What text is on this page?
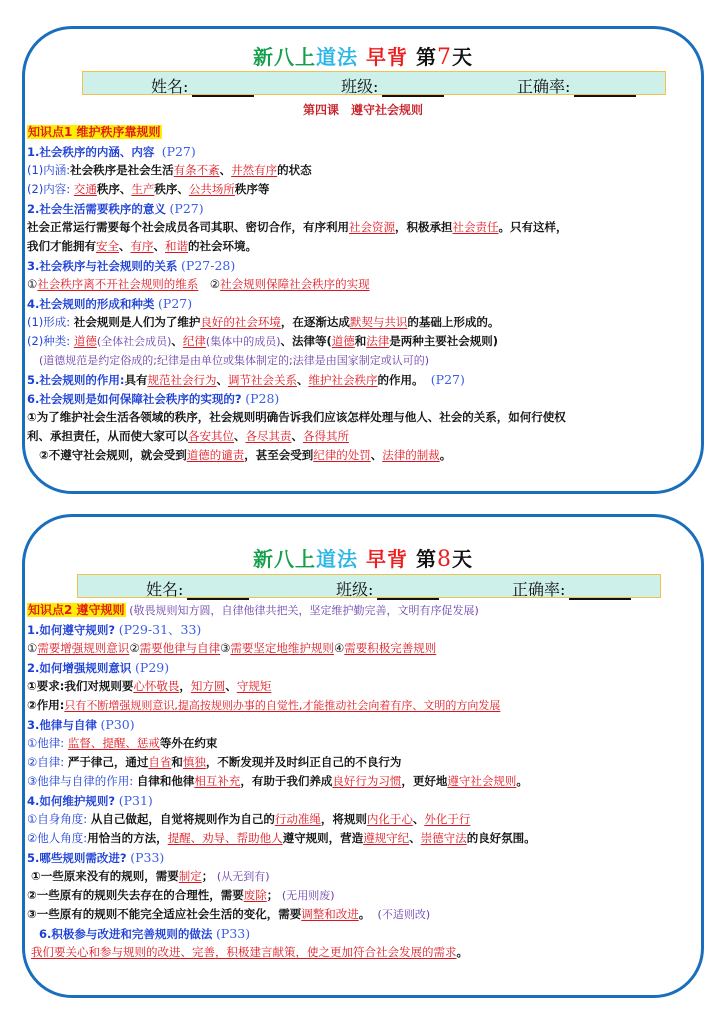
新八上道法 早背 第7天
姓名:	班级:	正确率:
第四课　遵守社会规则
知识点1 维护秩序靠规则
1.社会秩序的内涵、内容 (P27)
(1)内涵:社会秩序是社会生活有条不紊、井然有序的状态
(2)内容: 交通秩序、生产秩序、公共场所秩序等
2.社会生活需要秩序的意义 (P27)
社会正常运行需要每个社会成员各司其职、密切合作，有序利用社会资源，积极承担社会责任。只有这样，
我们才能拥有安全、有序、和谐的社会环境。
3.社会秩序与社会规则的关系 (P27-28)
①社会秩序离不开社会规则的维系　②社会规则保障社会秩序的实现
4.社会规则的形成和种类 (P27)
(1)形成: 社会规则是人们为了维护良好的社会环境，在逐渐达成默契与共识的基础上形成的。
(2)种类: 道德(全体社会成员)、纪律(集体中的成员)、法律等(道德和法律是两种主要社会规则)
(道德规范是约定俗成的;纪律是由单位或集体制定的;法律是由国家制定或认可的)
5.社会规则的作用:具有规范社会行为、调节社会关系、维护社会秩序的作用。 (P27)
6.社会规则是如何保障社会秩序的实现的? (P28)
①为了维护社会生活各领域的秩序，社会规则明确告诉我们应该怎样处理与他人、社会的关系，如何行使权
利、承担责任，从而使大家可以各安其位、各尽其责、各得其所
②不遵守社会规则，就会受到道德的谴责，甚至会受到纪律的处罚、法律的制裁。
新八上道法 早背 第8天
姓名:	班级:	正确率:
知识点2 遵守规则 (敬畏规则知方圆，自律他律共把关，坚定维护勤完善，文明有序促发展)
1.如何遵守规则? (P29-31、33)
①需要增强规则意识②需要他律与自律③需要坚定地维护规则④需要积极完善规则
2.如何增强规则意识 (P29)
①要求:我们对规则要心怀敬畏，知方圆、守规矩
②作用:只有不断增强规则意识,提高按规则办事的自觉性,才能推动社会向着有序、文明的方向发展
3.他律与自律 (P30)
①他律: 监督、提醒、惩戒等外在约束
②自律: 严于律己，通过自省和慎独，不断发现并及时纠正自己的不良行为
③他律与自律的作用: 自律和他律相互补充，有助于我们养成良好行为习惯，更好地遵守社会规则。
4.如何维护规则? (P31)
①自身角度: 从自己做起，自觉将规则作为自己的行动准绳，将规则内化于心、外化于行
②他人角度:用恰当的方法，提醒、劝导、帮助他人遵守规则，营造遵规守纪、崇德守法的良好氛围。
5.哪些规则需改进? (P33)
①一些原来没有的规则，需要制定； (从无到有)
②一些原有的规则失去存在的合理性，需要废除； (无用则废)
③一些原有的规则不能完全适应社会生活的变化，需要调整和改进。 (不适则改)
6.积极参与改进和完善规则的做法 (P33)
我们要关心和参与规则的改进、完善，积极建言献策，使之更加符合社会发展的需求。
